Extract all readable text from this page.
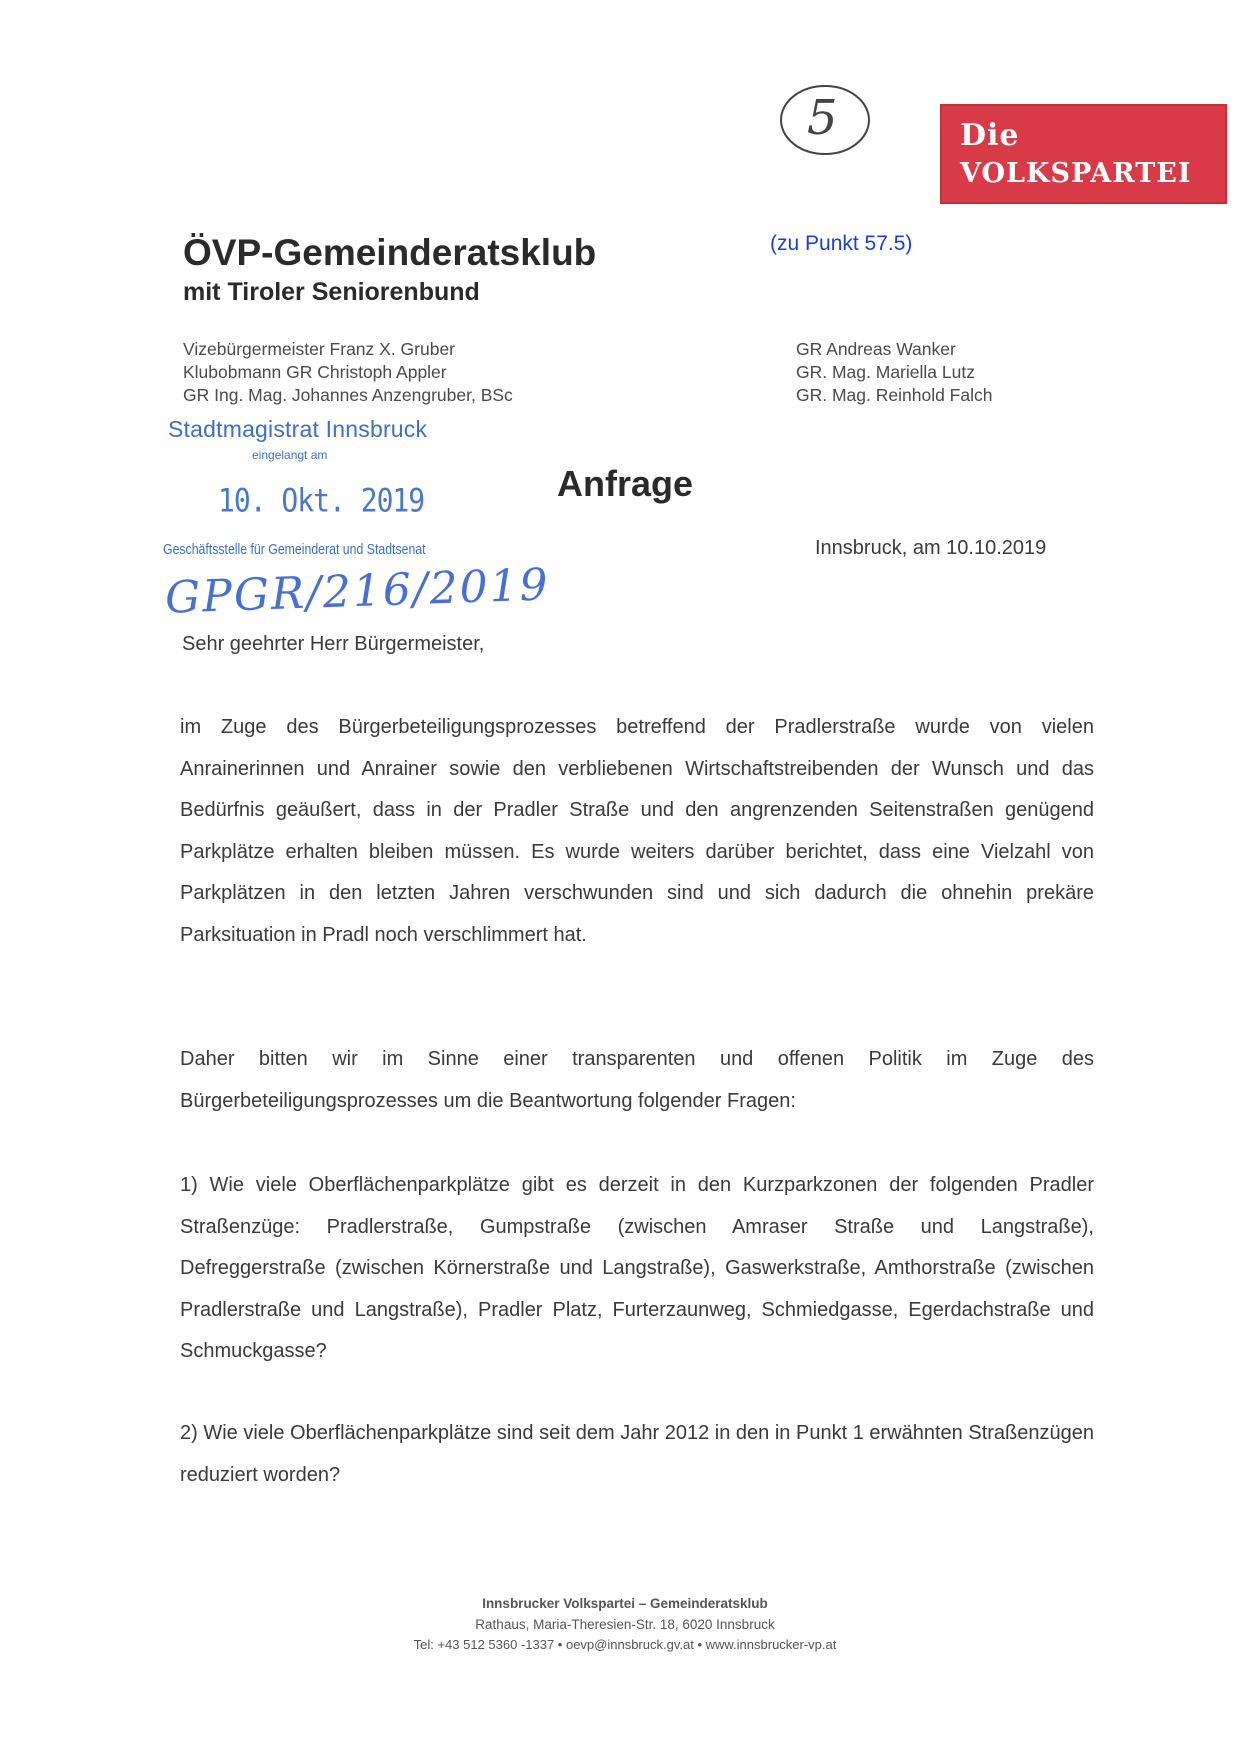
Die
VOLKSPARTEI
5
(zu Punkt 57.5)
ÖVP-Gemeinderatsklub
mit Tiroler Seniorenbund
Vizebürgermeister Franz X. Gruber
Klubobmann GR Christoph Appler
GR Ing. Mag. Johannes Anzengruber, BSc
GR Andreas Wanker
GR. Mag. Mariella Lutz
GR. Mag. Reinhold Falch
Stadtmagistrat Innsbruck
eingelangt am
10. Okt. 2019
Geschäftsstelle für Gemeinderat und Stadtsenat
GPGR/216/2019
Anfrage
Innsbruck, am 10.10.2019
Sehr geehrter Herr Bürgermeister,
im Zuge des Bürgerbeteiligungsprozesses betreffend der Pradlerstraße wurde von vielen Anrainerinnen und Anrainer sowie den verbliebenen Wirtschaftstreibenden der Wunsch und das Bedürfnis geäußert, dass in der Pradler Straße und den angrenzenden Seitenstraßen genügend Parkplätze erhalten bleiben müssen. Es wurde weiters darüber berichtet, dass eine Vielzahl von Parkplätzen in den letzten Jahren verschwunden sind und sich dadurch die ohnehin prekäre Parksituation in Pradl noch verschlimmert hat.
Daher bitten wir im Sinne einer transparenten und offenen Politik im Zuge des Bürgerbeteiligungsprozesses um die Beantwortung folgender Fragen:
1) Wie viele Oberflächenparkplätze gibt es derzeit in den Kurzparkzonen der folgenden Pradler Straßenzüge: Pradlerstraße, Gumpstraße (zwischen Amraser Straße und Langstraße), Defreggerstraße (zwischen Körnerstraße und Langstraße), Gaswerkstraße, Amthorstraße (zwischen Pradlerstraße und Langstraße), Pradler Platz, Furterzaunweg, Schmiedgasse, Egerdachstraße und Schmuckgasse?
2) Wie viele Oberflächenparkplätze sind seit dem Jahr 2012 in den in Punkt 1 erwähnten Straßenzügen reduziert worden?
Innsbrucker Volkspartei – Gemeinderatsklub
Rathaus, Maria-Theresien-Str. 18, 6020 Innsbruck
Tel: +43 512 5360 -1337 • oevp@innsbruck.gv.at • www.innsbrucker-vp.at
